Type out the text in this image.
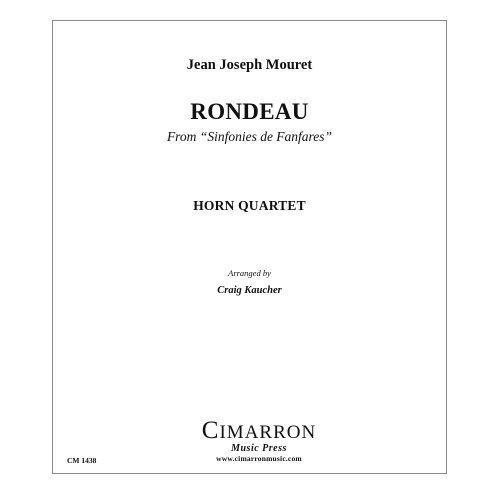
Jean Joseph Mouret
RONDEAU
From “Sinfonies de Fanfares”
HORN QUARTET
Arranged by
Craig Kaucher
CM 1438
CIMARRON
Music Press
www.cimarronmusic.com
